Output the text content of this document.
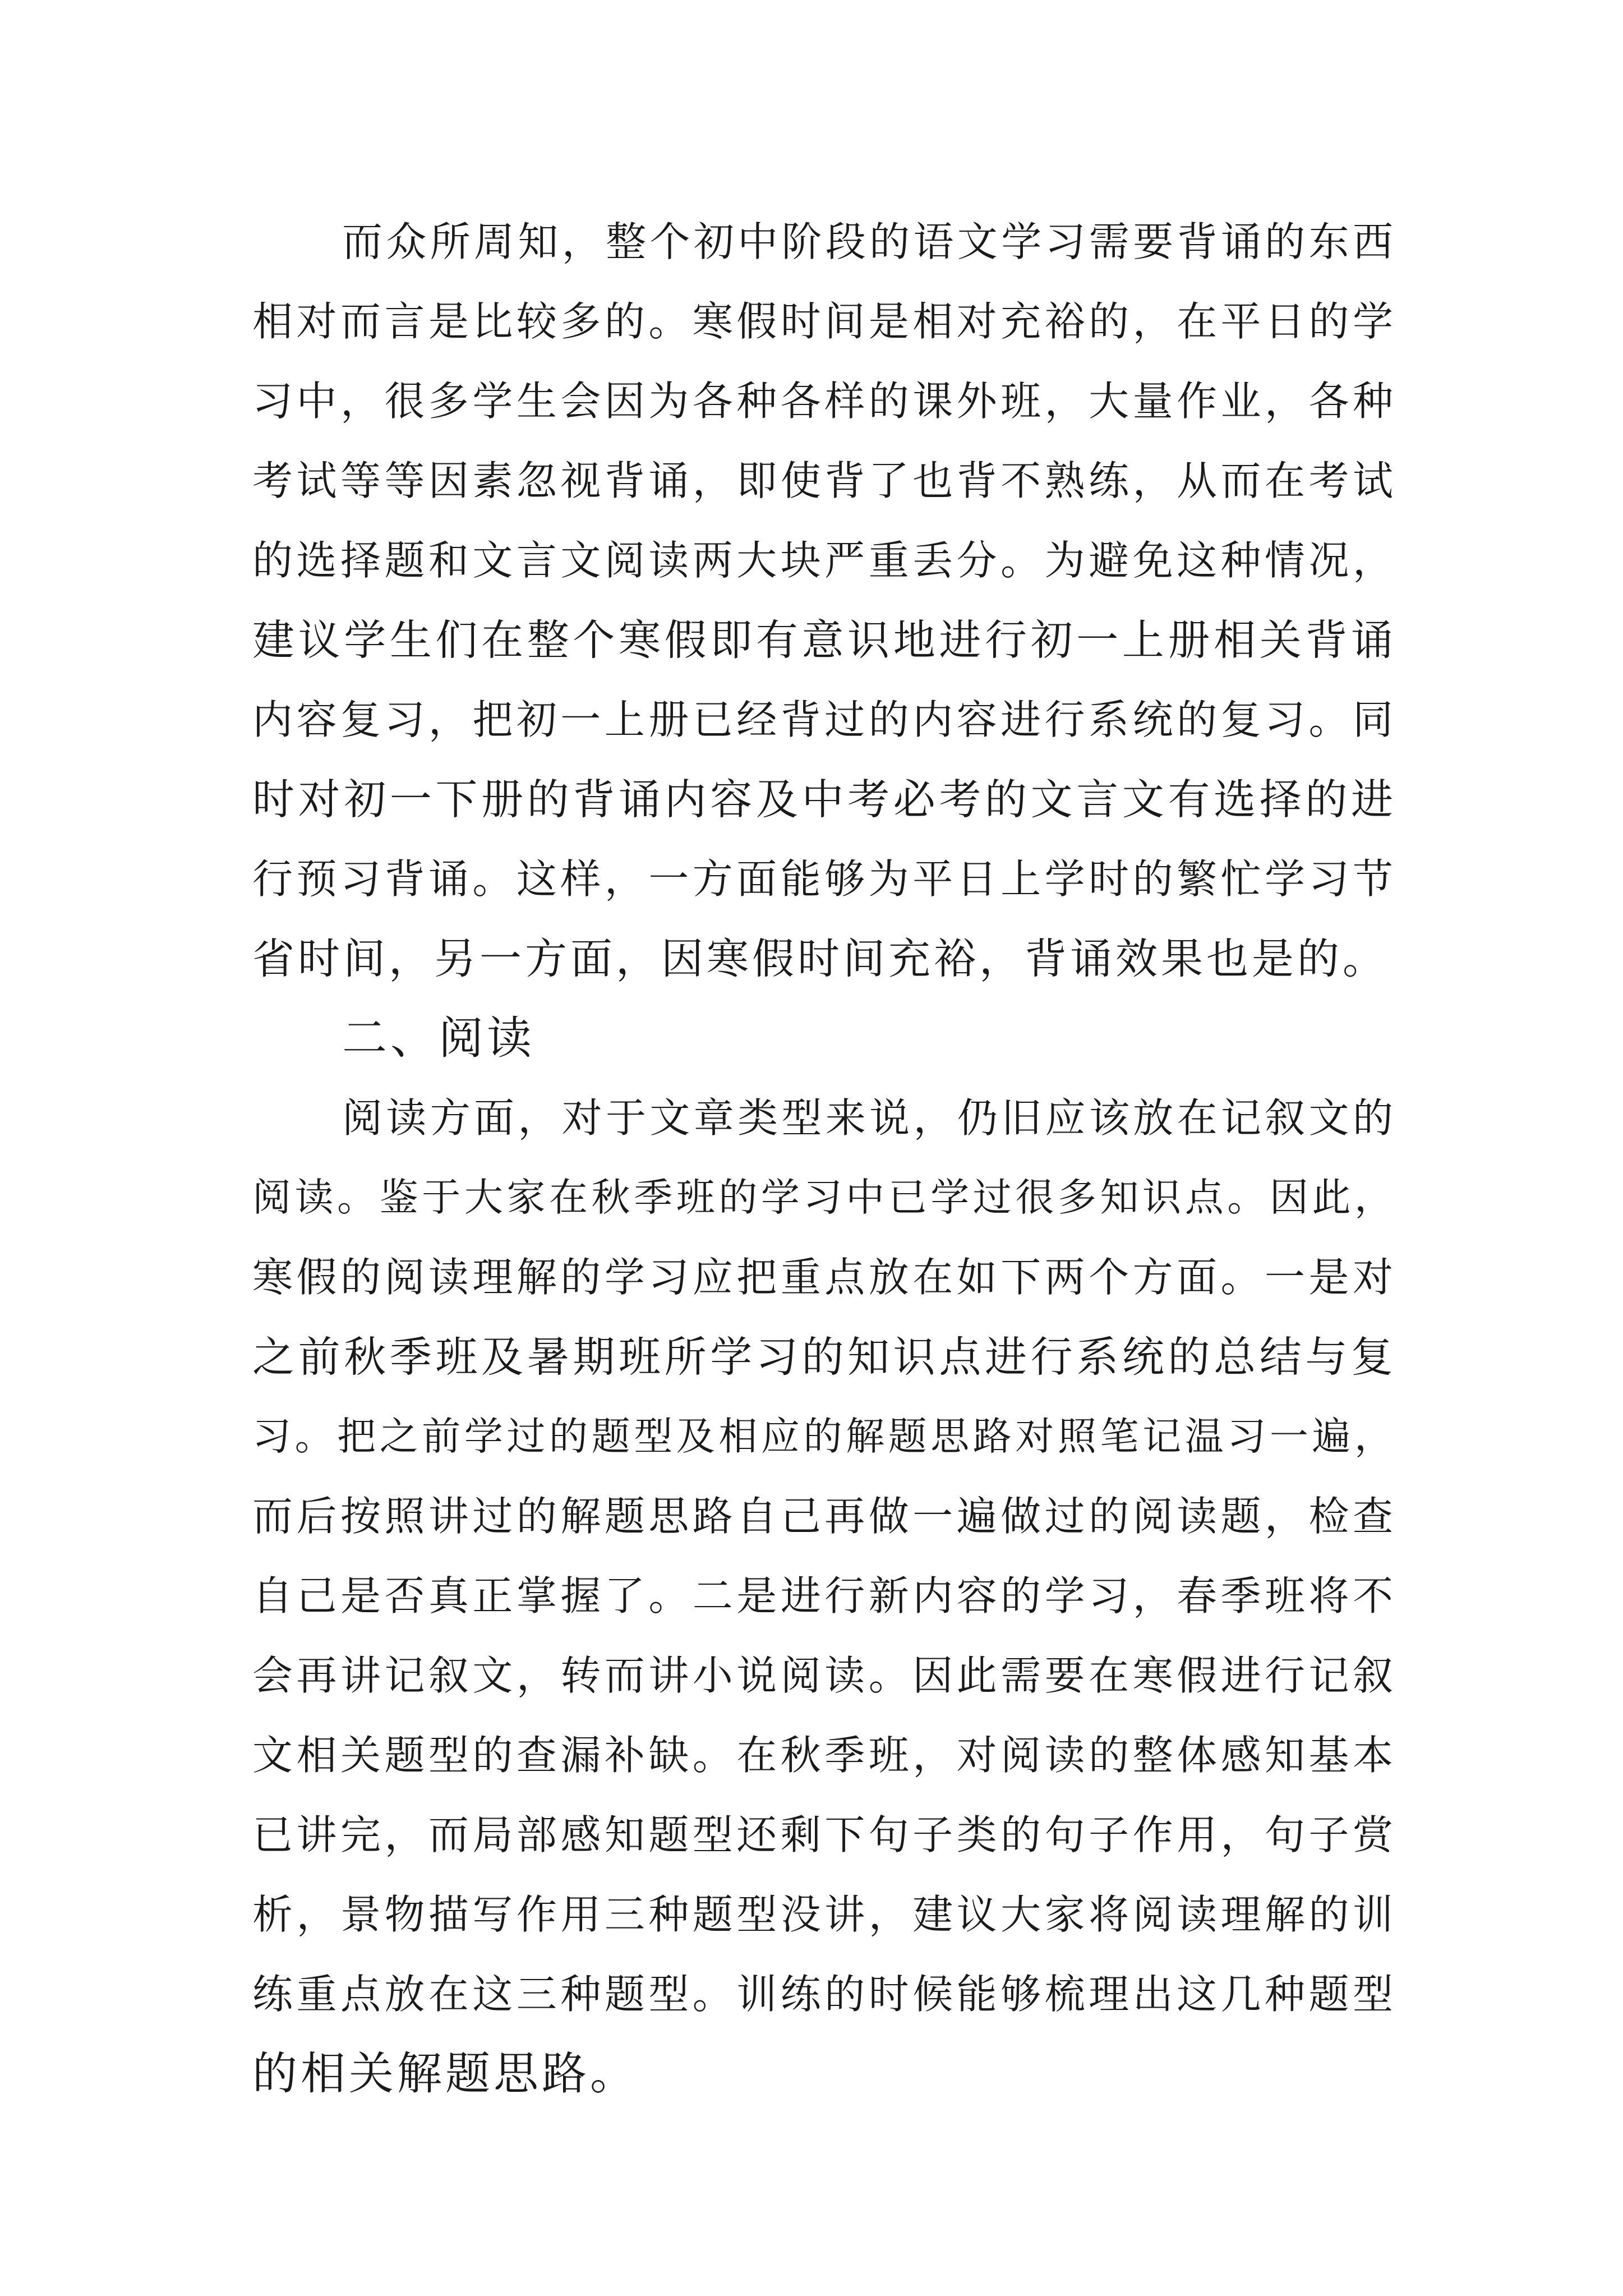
而众所周知，整个初中阶段的语文学习需要背诵的东西
相对而言是比较多的。寒假时间是相对充裕的，在平日的学
习中，很多学生会因为各种各样的课外班，大量作业，各种
考试等等因素忽视背诵，即使背了也背不熟练，从而在考试
的选择题和文言文阅读两大块严重丢分。为避免这种情况，
建议学生们在整个寒假即有意识地进行初一上册相关背诵
内容复习，把初一上册已经背过的内容进行系统的复习。同
时对初一下册的背诵内容及中考必考的文言文有选择的进
行预习背诵。这样，一方面能够为平日上学时的繁忙学习节
省时间，另一方面，因寒假时间充裕，背诵效果也是的。
二、阅读
阅读方面，对于文章类型来说，仍旧应该放在记叙文的
阅读。鉴于大家在秋季班的学习中已学过很多知识点。因此，
寒假的阅读理解的学习应把重点放在如下两个方面。一是对
之前秋季班及暑期班所学习的知识点进行系统的总结与复
习。把之前学过的题型及相应的解题思路对照笔记温习一遍，
而后按照讲过的解题思路自己再做一遍做过的阅读题，检查
自己是否真正掌握了。二是进行新内容的学习，春季班将不
会再讲记叙文，转而讲小说阅读。因此需要在寒假进行记叙
文相关题型的查漏补缺。在秋季班，对阅读的整体感知基本
已讲完，而局部感知题型还剩下句子类的句子作用，句子赏
析，景物描写作用三种题型没讲，建议大家将阅读理解的训
练重点放在这三种题型。训练的时候能够梳理出这几种题型
的相关解题思路。
